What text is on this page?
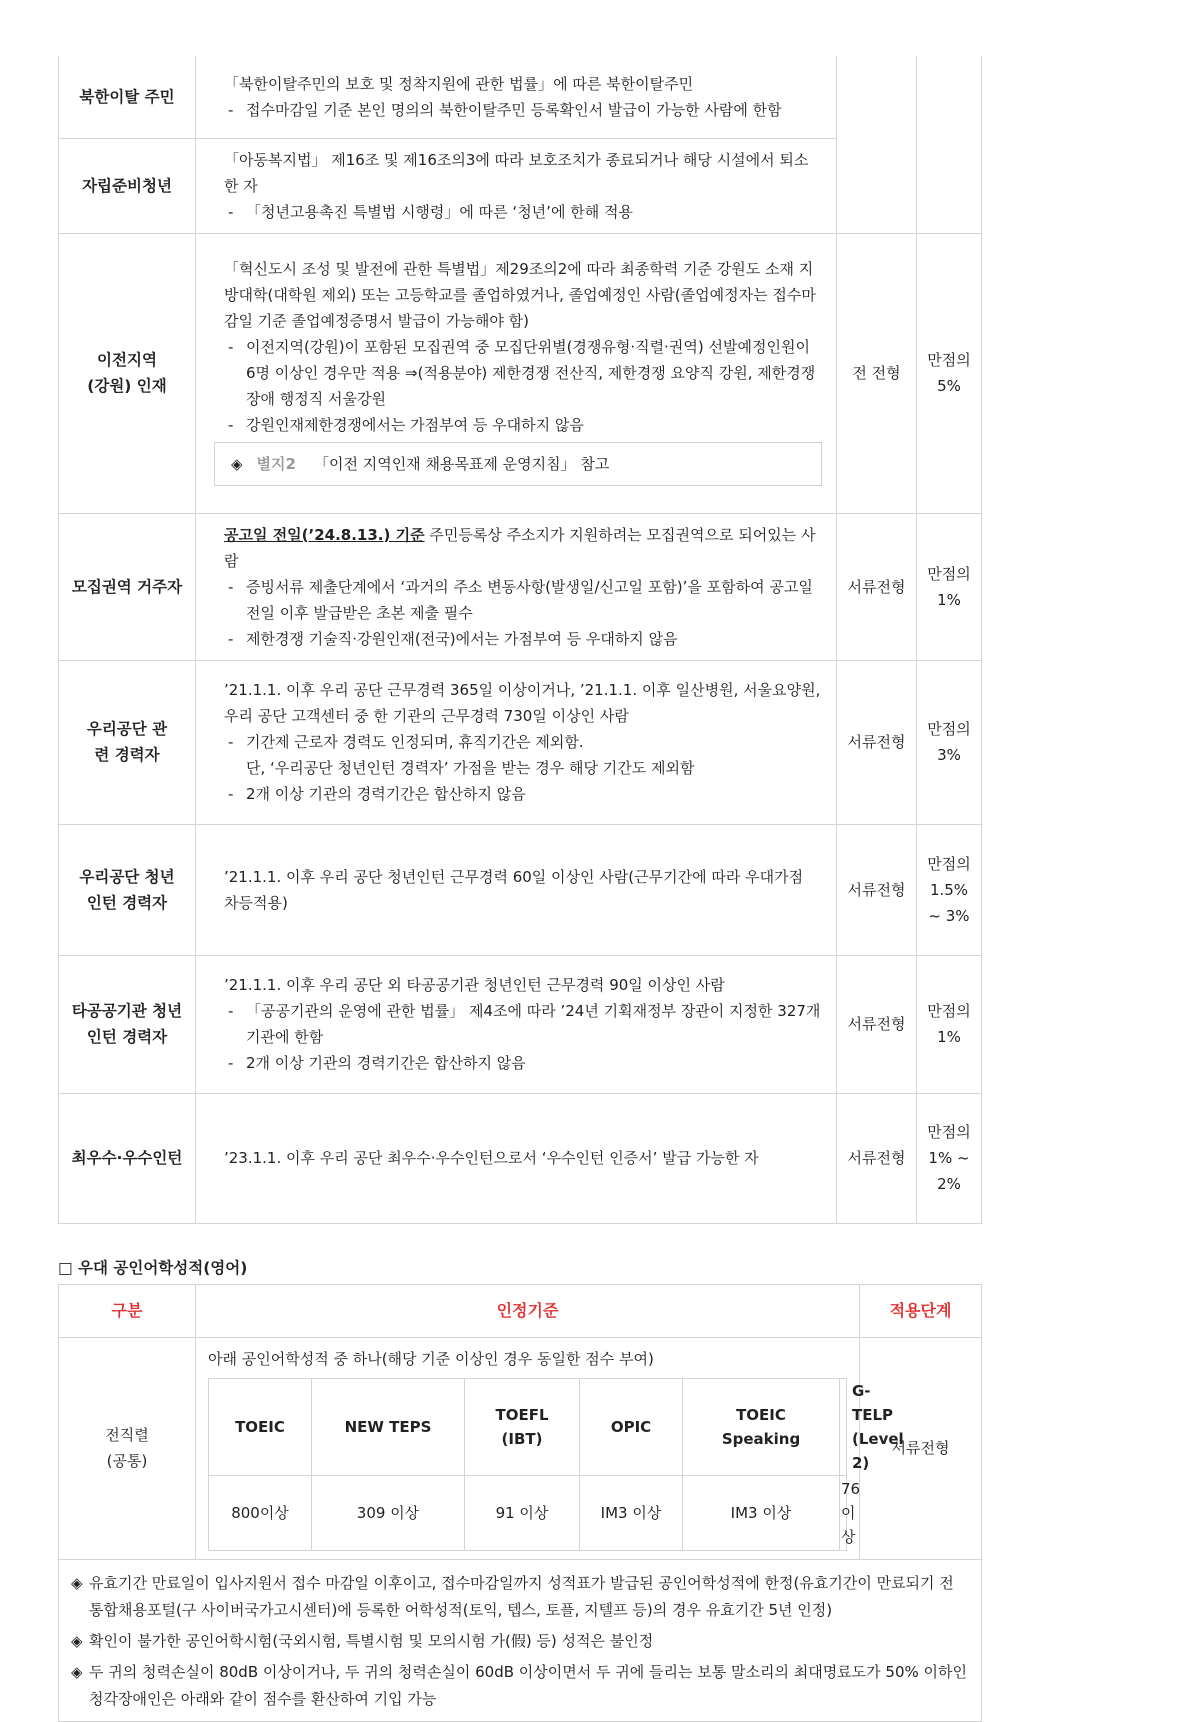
북한이탈 주민	「북한이탈주민의 보호 및 정착지원에 관한 법률」에 따른 북한이탈주민

- 접수마감일 기준 본인 명의의 북한이탈주민 등록확인서 발급이 가능한 사람에 한함

자립준비청년	「아동복지법」 제16조 및 제16조의3에 따라 보호조치가 종료되거나 해당 시설에서 퇴소한 자

- 「청년고용촉진 특별법 시행령」에 따른 ‘청년’에 한해 적용

이전지역(강원) 인재	「혁신도시 조성 및 발전에 관한 특별법」제29조의2에 따라 최종학력 기준 강원도 소재 지방대학(대학원 제외) 또는 고등학교를 졸업하였거나, 졸업예정인 사람(졸업예정자는 접수마감일 기준 졸업예정증명서 발급이 가능해야 함)

- 이전지역(강원)이 포함된 모집권역 중 모집단위별(경쟁유형·직렬·권역) 선발예정인원이 6명 이상인 경우만 적용 ⇒(적용분야) 제한경쟁 전산직, 제한경쟁 요양직 강원, 제한경쟁 장애 행정직 서울강원

- 강원인재제한경쟁에서는 가점부여 등 우대하지 않음

◈ 별지2 「이전 지역인재 채용목표제 운영지침」 참고	전 전형	만점의 5%
모집권역 거주자	공고일 전일(’24.8.13.) 기준 주민등록상 주소지가 지원하려는 모집권역으로 되어있는 사람

- 증빙서류 제출단계에서 ‘과거의 주소 변동사항(발생일/신고일 포함)’을 포함하여 공고일 전일 이후 발급받은 초본 제출 필수

- 제한경쟁 기술직·강원인재(전국)에서는 가점부여 등 우대하지 않음	서류전형	만점의 1%
우리공단 관련 경력자	’21.1.1. 이후 우리 공단 근무경력 365일 이상이거나, ’21.1.1. 이후 일산병원, 서울요양원, 우리 공단 고객센터 중 한 기관의 근무경력 730일 이상인 사람

- 기간제 근로자 경력도 인정되며, 휴직기간은 제외함.

단, ‘우리공단 청년인턴 경력자’ 가점을 받는 경우 해당 기간도 제외함

- 2개 이상 기관의 경력기간은 합산하지 않음	서류전형	만점의 3%
우리공단 청년인턴 경력자	’21.1.1. 이후 우리 공단 청년인턴 근무경력 60일 이상인 사람(근무기간에 따라 우대가점 차등적용)	서류전형	만점의 1.5% ~ 3%
타공공기관 청년인턴 경력자	’21.1.1. 이후 우리 공단 외 타공공기관 청년인턴 근무경력 90일 이상인 사람

- 「공공기관의 운영에 관한 법률」 제4조에 따라 ’24년 기획재정부 장관이 지정한 327개 기관에 한함

- 2개 이상 기관의 경력기간은 합산하지 않음	서류전형	만점의 1%
최우수·우수인턴	’23.1.1. 이후 우리 공단 최우수·우수인턴으로서 ‘우수인턴 인증서’ 발급 가능한 자	서류전형	만점의 1% ~ 2%
□ 우대 공인어학성적(영어)
구분	인정기준	적용단계
전직렬 (공통)	
아래 공인어학성적 중 하나(해당 기준 이상인 경우 동일한 점수 부여)
TOEIC	NEW TEPS	TOEFL (IBT)	OPIC	TOEIC Speaking	G-TELP (Level 2)
800이상	309 이상	91 이상	IM3 이상	IM3 이상	76 이상
	서류전형
◈ 유효기간 만료일이 입사지원서 접수 마감일 이후이고, 접수마감일까지 성적표가 발급된 공인어학성적에 한정(유효기간이 만료되기 전 통합채용포털(구 사이버국가고시센터)에 등록한 어학성적(토익, 텝스, 토플, 지텔프 등)의 경우 유효기간 5년 인정)
◈ 확인이 불가한 공인어학시험(국외시험, 특별시험 및 모의시험 가(假) 등) 성적은 불인정
◈ 두 귀의 청력손실이 80dB 이상이거나, 두 귀의 청력손실이 60dB 이상이면서 두 귀에 들리는 보통 말소리의 최대명료도가 50% 이하인 청각장애인은 아래와 같이 점수를 환산하여 기입 가능
